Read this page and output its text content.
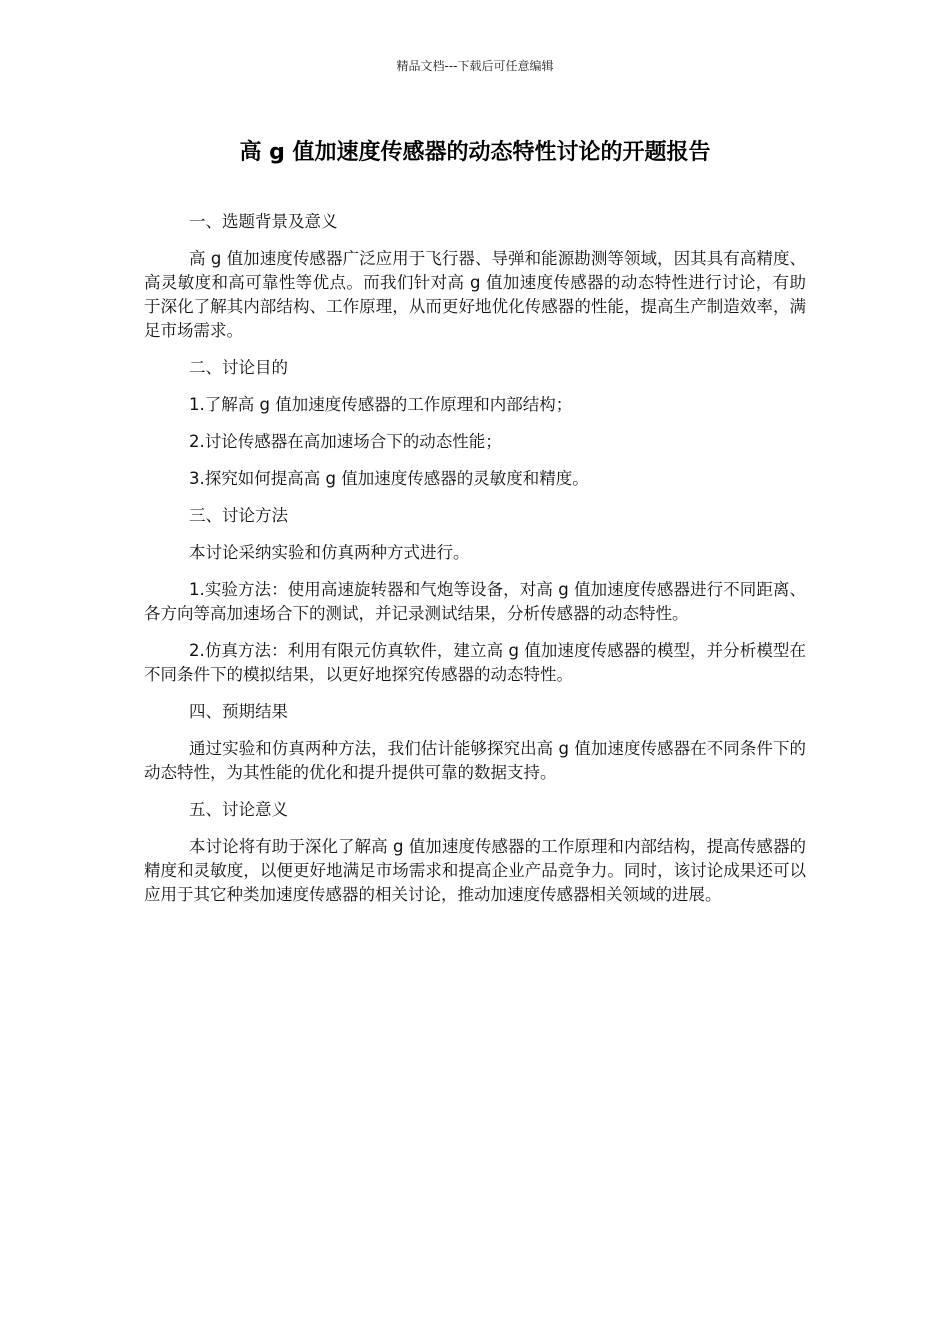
精品文档---下载后可任意编辑
高 g 值加速度传感器的动态特性讨论的开题报告

一、选题背景及意义

高 g 值加速度传感器广泛应用于飞行器、导弹和能源勘测等领域，因其具有高精度、高灵敏度和高可靠性等优点。而我们针对高 g 值加速度传感器的动态特性进行讨论，有助于深化了解其内部结构、工作原理，从而更好地优化传感器的性能，提高生产制造效率，满足市场需求。

二、讨论目的

1.了解高 g 值加速度传感器的工作原理和内部结构；

2.讨论传感器在高加速场合下的动态性能；

3.探究如何提高高 g 值加速度传感器的灵敏度和精度。

三、讨论方法

本讨论采纳实验和仿真两种方式进行。

1.实验方法：使用高速旋转器和气炮等设备，对高 g 值加速度传感器进行不同距离、各方向等高加速场合下的测试，并记录测试结果，分析传感器的动态特性。

2.仿真方法：利用有限元仿真软件，建立高 g 值加速度传感器的模型，并分析模型在不同条件下的模拟结果，以更好地探究传感器的动态特性。

四、预期结果

通过实验和仿真两种方法，我们估计能够探究出高 g 值加速度传感器在不同条件下的动态特性，为其性能的优化和提升提供可靠的数据支持。

五、讨论意义

本讨论将有助于深化了解高 g 值加速度传感器的工作原理和内部结构，提高传感器的精度和灵敏度，以便更好地满足市场需求和提高企业产品竞争力。同时，该讨论成果还可以应用于其它种类加速度传感器的相关讨论，推动加速度传感器相关领域的进展。
